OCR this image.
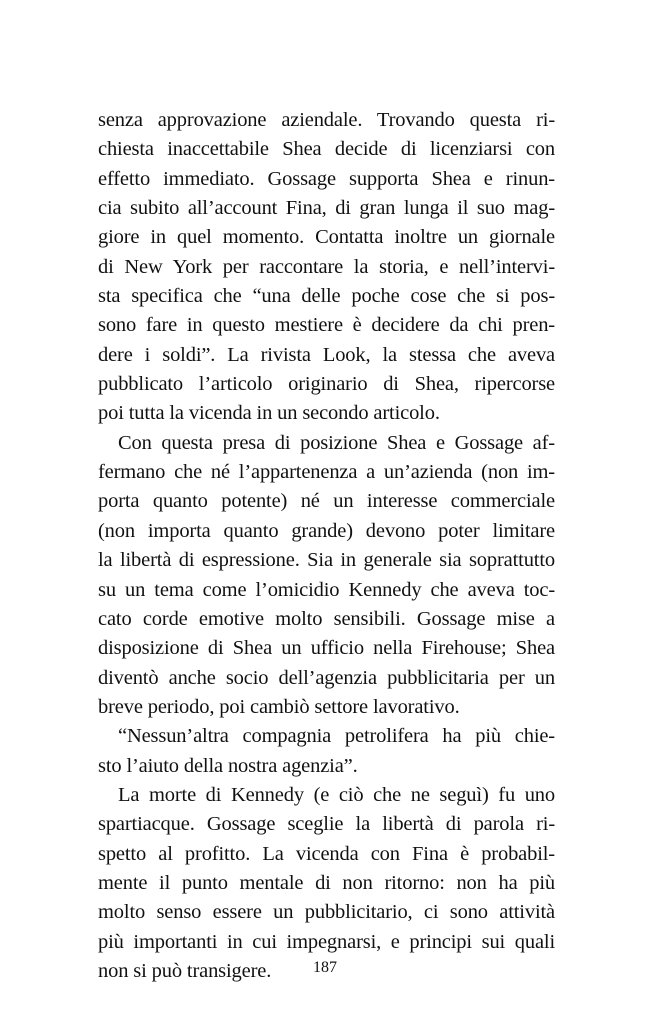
senza approvazione aziendale. Trovando questa ri-
chiesta inaccettabile Shea decide di licenziarsi con
effetto immediato. Gossage supporta Shea e rinun-
cia subito all’account Fina, di gran lunga il suo mag-
giore in quel momento. Contatta inoltre un giornale
di New York per raccontare la storia, e nell’intervi-
sta specifica che “una delle poche cose che si pos-
sono fare in questo mestiere è decidere da chi pren-
dere i soldi”. La rivista Look, la stessa che aveva
pubblicato l’articolo originario di Shea, ripercorse
poi tutta la vicenda in un secondo articolo.
Con questa presa di posizione Shea e Gossage af-
fermano che né l’appartenenza a un’azienda (non im-
porta quanto potente) né un interesse commerciale
(non importa quanto grande) devono poter limitare
la libertà di espressione. Sia in generale sia soprattutto
su un tema come l’omicidio Kennedy che aveva toc-
cato corde emotive molto sensibili. Gossage mise a
disposizione di Shea un ufficio nella Firehouse; Shea
diventò anche socio dell’agenzia pubblicitaria per un
breve periodo, poi cambiò settore lavorativo.
“Nessun’altra compagnia petrolifera ha più chie-
sto l’aiuto della nostra agenzia”.
La morte di Kennedy (e ciò che ne seguì) fu uno
spartiacque. Gossage sceglie la libertà di parola ri-
spetto al profitto. La vicenda con Fina è probabil-
mente il punto mentale di non ritorno: non ha più
molto senso essere un pubblicitario, ci sono attività
più importanti in cui impegnarsi, e principi sui quali
non si può transigere.	187
